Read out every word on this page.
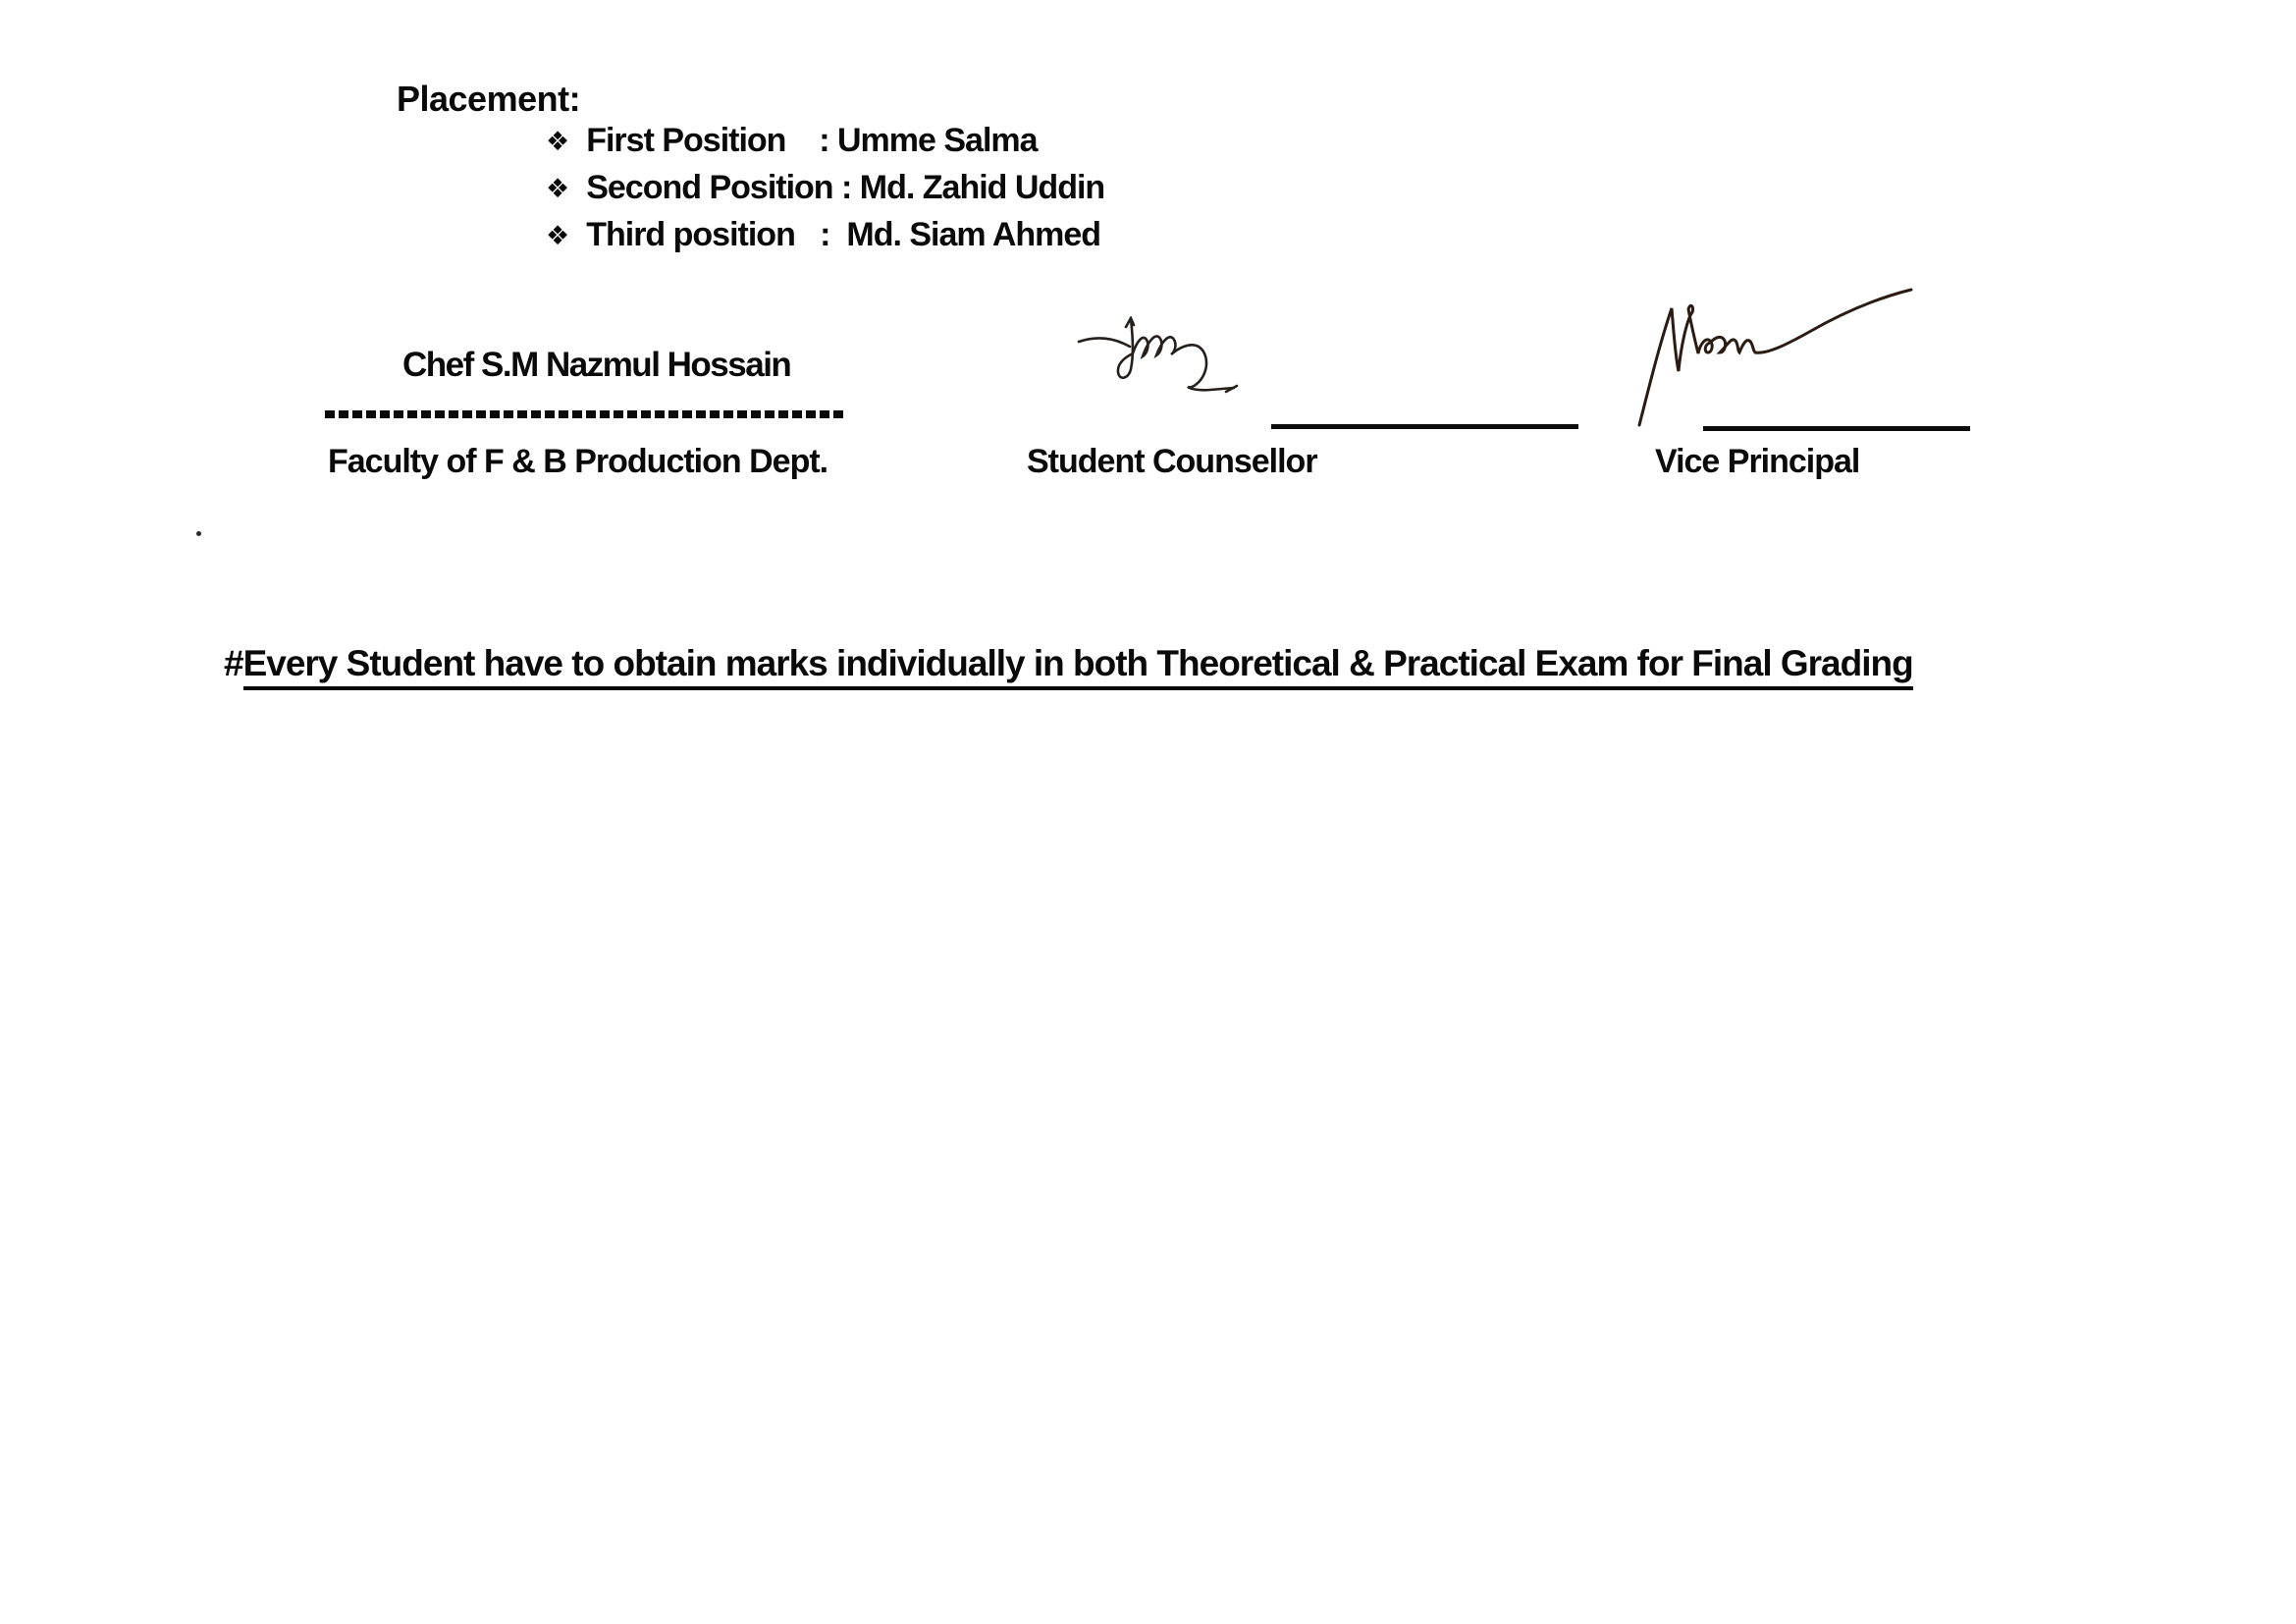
Placement:
❖ First Position    : Umme Salma
❖ Second Position : Md. Zahid Uddin
❖ Third position   :  Md. Siam Ahmed
Chef S.M Nazmul Hossain
Faculty of F & B Production Dept.	Student Counsellor	Vice Principal
#Every Student have to obtain marks individually in both Theoretical & Practical Exam for Final Grading
